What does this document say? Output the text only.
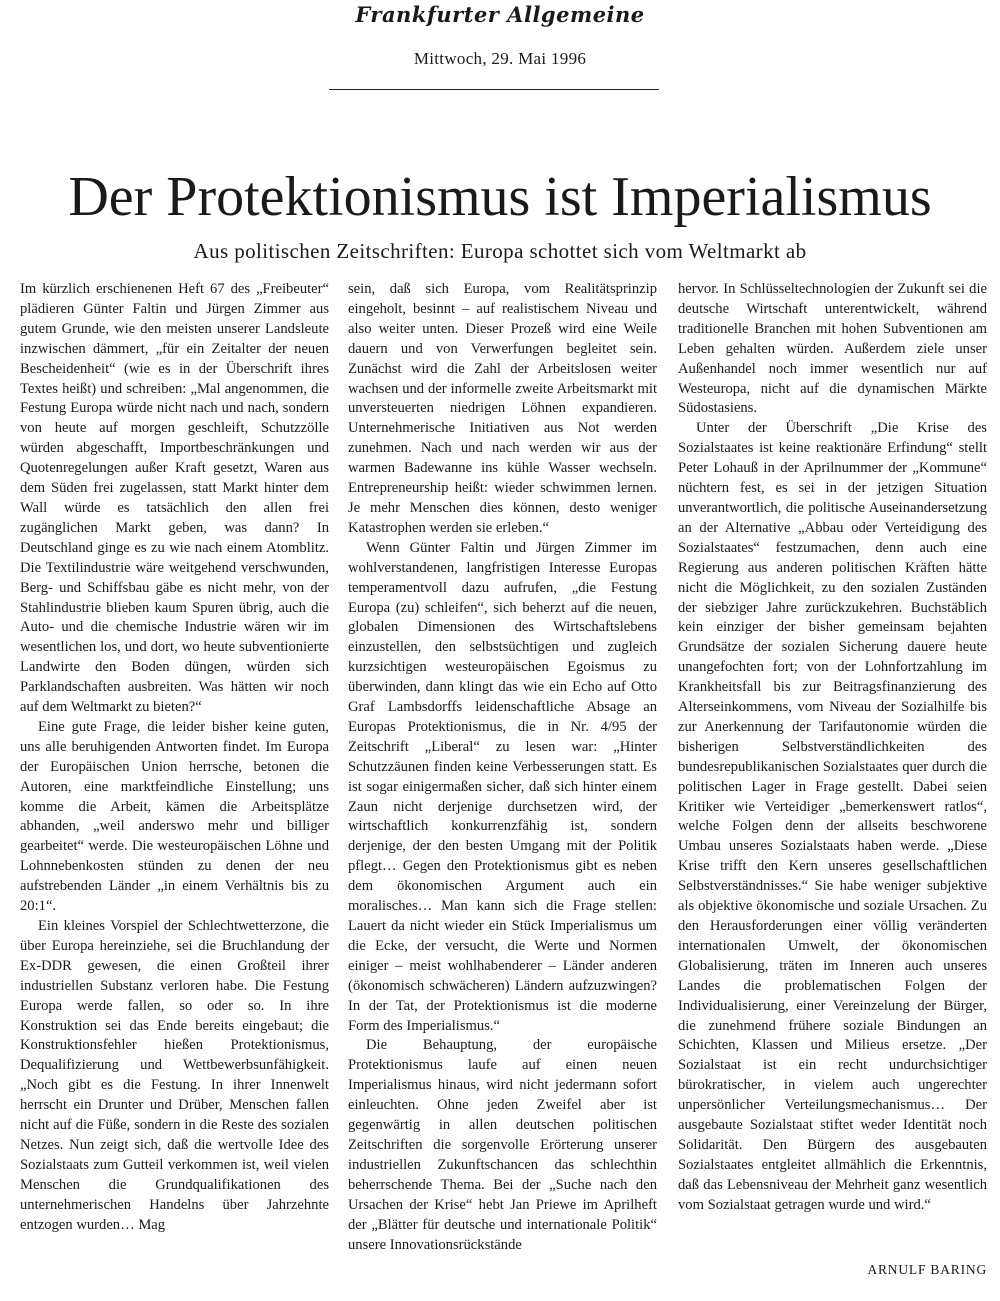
Frankfurter Allgemeine
Mittwoch, 29. Mai 1996
Der Protektionismus ist Imperialismus
Aus politischen Zeitschriften: Europa schottet sich vom Weltmarkt ab

Im kürzlich erschienenen Heft 67 des „Freibeuter“ plädieren Günter Faltin und Jürgen Zimmer aus gutem Grunde, wie den meisten unserer Landsleute inzwischen dämmert, „für ein Zeitalter der neuen Bescheidenheit“ (wie es in der Überschrift ihres Textes heißt) und schreiben: „Mal angenommen, die Festung Europa würde nicht nach und nach, sondern von heute auf morgen geschleift, Schutzzölle würden abgeschafft, Importbeschränkungen und Quotenregelungen außer Kraft gesetzt, Waren aus dem Süden frei zugelassen, statt Markt hinter dem Wall würde es tatsächlich den allen frei zugänglichen Markt geben, was dann? In Deutschland ginge es zu wie nach einem Atomblitz. Die Textilindustrie wäre weitgehend verschwunden, Berg- und Schiffsbau gäbe es nicht mehr, von der Stahlindustrie blieben kaum Spuren übrig, auch die Auto- und die chemische Industrie wären wir im wesentlichen los, und dort, wo heute subventionierte Landwirte den Boden düngen, würden sich Parklandschaften ausbreiten. Was hätten wir noch auf dem Weltmarkt zu bieten?“

Eine gute Frage, die leider bisher keine guten, uns alle beruhigenden Antworten findet. Im Europa der Europäischen Union herrsche, betonen die Autoren, eine marktfeindliche Einstellung; uns komme die Arbeit, kämen die Arbeitsplätze abhanden, „weil anderswo mehr und billiger gearbeitet“ werde. Die westeuropäischen Löhne und Lohnnebenkosten stünden zu denen der neu aufstrebenden Länder „in einem Verhältnis bis zu 20:1“.

Ein kleines Vorspiel der Schlechtwetterzone, die über Europa hereinziehe, sei die Bruchlandung der Ex-DDR gewesen, die einen Großteil ihrer industriellen Substanz verloren habe. Die Festung Europa werde fallen, so oder so. In ihre Konstruktion sei das Ende bereits eingebaut; die Konstruktionsfehler hießen Protektionismus, Dequalifizierung und Wettbewerbsunfähigkeit. „Noch gibt es die Festung. In ihrer Innenwelt herrscht ein Drunter und Drüber, Menschen fallen nicht auf die Füße, sondern in die Reste des sozialen Netzes. Nun zeigt sich, daß die wertvolle Idee des Sozialstaats zum Gutteil verkommen ist, weil vielen Menschen die Grundqualifikationen des unternehmerischen Handelns über Jahrzehnte entzogen wurden… Mag

sein, daß sich Europa, vom Realitätsprinzip eingeholt, besinnt – auf realistischem Niveau und also weiter unten. Dieser Prozeß wird eine Weile dauern und von Verwerfungen begleitet sein. Zunächst wird die Zahl der Arbeitslosen weiter wachsen und der informelle zweite Arbeitsmarkt mit unversteuerten niedrigen Löhnen expandieren. Unternehmerische Initiativen aus Not werden zunehmen. Nach und nach werden wir aus der warmen Badewanne ins kühle Wasser wechseln. Entrepreneurship heißt: wieder schwimmen lernen. Je mehr Menschen dies können, desto weniger Katastrophen werden sie erleben.“

Wenn Günter Faltin und Jürgen Zimmer im wohlverstandenen, langfristigen Interesse Europas temperamentvoll dazu aufrufen, „die Festung Europa (zu) schleifen“, sich beherzt auf die neuen, globalen Dimensionen des Wirtschaftslebens einzustellen, den selbstsüchtigen und zugleich kurzsichtigen westeuropäischen Egoismus zu überwinden, dann klingt das wie ein Echo auf Otto Graf Lambsdorffs leidenschaftliche Absage an Europas Protektionismus, die in Nr. 4/95 der Zeitschrift „Liberal“ zu lesen war: „Hinter Schutzzäunen finden keine Verbesserungen statt. Es ist sogar einigermaßen sicher, daß sich hinter einem Zaun nicht derjenige durchsetzen wird, der wirtschaftlich konkurrenzfähig ist, sondern derjenige, der den besten Umgang mit der Politik pflegt… Gegen den Protektionismus gibt es neben dem ökonomischen Argument auch ein moralisches… Man kann sich die Frage stellen: Lauert da nicht wieder ein Stück Imperialismus um die Ecke, der versucht, die Werte und Normen einiger – meist wohlhabenderer – Länder anderen (ökonomisch schwächeren) Ländern aufzuzwingen? In der Tat, der Protektionismus ist die moderne Form des Imperialismus.“

Die Behauptung, der europäische Protektionismus laufe auf einen neuen Imperialismus hinaus, wird nicht jedermann sofort einleuchten. Ohne jeden Zweifel aber ist gegenwärtig in allen deutschen politischen Zeitschriften die sorgenvolle Erörterung unserer industriellen Zukunftschancen das schlechthin beherrschende Thema. Bei der „Suche nach den Ursachen der Krise“ hebt Jan Priewe im Aprilheft der „Blätter für deutsche und internationale Politik“ unsere Innovationsrückstände

hervor. In Schlüsseltechnologien der Zukunft sei die deutsche Wirtschaft unterentwickelt, während traditionelle Branchen mit hohen Subventionen am Leben gehalten würden. Außerdem ziele unser Außenhandel noch immer wesentlich nur auf Westeuropa, nicht auf die dynamischen Märkte Südostasiens.

Unter der Überschrift „Die Krise des Sozialstaates ist keine reaktionäre Erfindung“ stellt Peter Lohauß in der Aprilnummer der „Kommune“ nüchtern fest, es sei in der jetzigen Situation unverantwortlich, die politische Auseinandersetzung an der Alternative „Abbau oder Verteidigung des Sozialstaates“ festzumachen, denn auch eine Regierung aus anderen politischen Kräften hätte nicht die Möglichkeit, zu den sozialen Zuständen der siebziger Jahre zurückzukehren. Buchstäblich kein einziger der bisher gemeinsam bejahten Grundsätze der sozialen Sicherung dauere heute unangefochten fort; von der Lohnfortzahlung im Krankheitsfall bis zur Beitragsfinanzierung des Alterseinkommens, vom Niveau der Sozialhilfe bis zur Anerkennung der Tarifautonomie würden die bisherigen Selbstverständlichkeiten des bundesrepublikanischen Sozialstaates quer durch die politischen Lager in Frage gestellt. Dabei seien Kritiker wie Verteidiger „bemerkenswert ratlos“, welche Folgen denn der allseits beschworene Umbau unseres Sozialstaats haben werde. „Diese Krise trifft den Kern unseres gesellschaftlichen Selbstverständnisses.“ Sie habe weniger subjektive als objektive ökonomische und soziale Ursachen. Zu den Herausforderungen einer völlig veränderten internationalen Umwelt, der ökonomischen Globalisierung, träten im Inneren auch unseres Landes die problematischen Folgen der Individualisierung, einer Vereinzelung der Bürger, die zunehmend frühere soziale Bindungen an Schichten, Klassen und Milieus ersetze. „Der Sozialstaat ist ein recht undurchsichtiger bürokratischer, in vielem auch ungerechter unpersönlicher Verteilungsmechanismus… Der ausgebaute Sozialstaat stiftet weder Identität noch Solidarität. Den Bürgern des ausgebauten Sozialstaates entgleitet allmählich die Erkenntnis, daß das Lebensniveau der Mehrheit ganz wesentlich vom Sozialstaat getragen wurde und wird.“

ARNULF BARING
